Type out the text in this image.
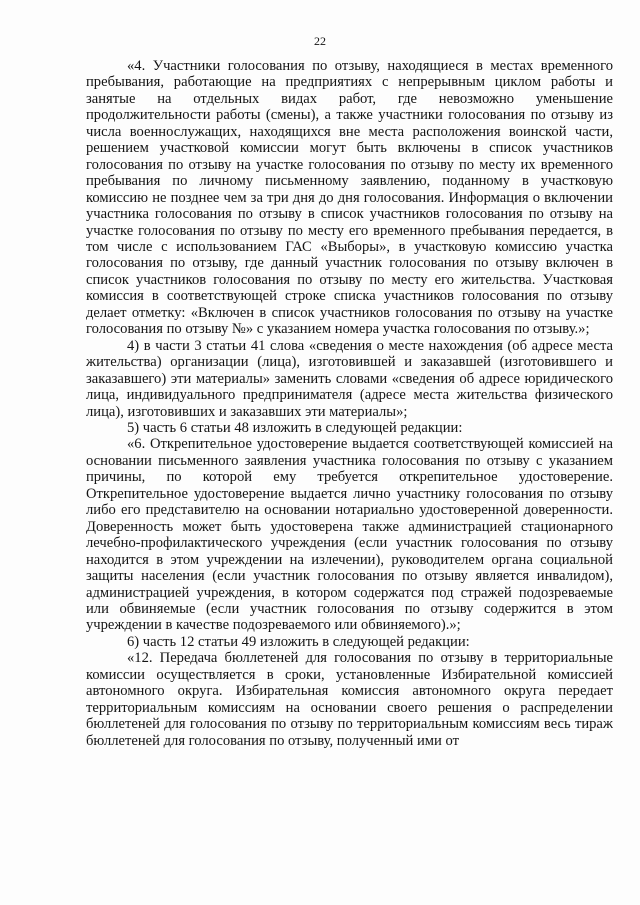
22

«4. Участники голосования по отзыву, находящиеся в местах временного пребывания, работающие на предприятиях с непрерывным циклом работы и занятые на отдельных видах работ, где невозможно уменьшение продолжительности работы (смены), а также участники голосования по отзыву из числа военнослужащих, находящихся вне места расположения воинской части, решением участковой комиссии могут быть включены в список участников голосования по отзыву на участке голосования по отзыву по месту их временного пребывания по личному письменному заявлению, поданному в участковую комиссию не позднее чем за три дня до дня голосования. Информация о включении участника голосования по отзыву в список участников голосования по отзыву на участке голосования по отзыву по месту его временного пребывания передается, в том числе с использованием ГАС «Выборы», в участковую комиссию участка голосования по отзыву, где данный участник голосования по отзыву включен в список участников голосования по отзыву по месту его жительства. Участковая комиссия в соответствующей строке списка участников голосования по отзыву делает отметку: «Включен в список участников голосования по отзыву на участке голосования по отзыву №» с указанием номера участка голосования по отзыву.»;

4) в части 3 статьи 41 слова «сведения о месте нахождения (об адресе места жительства) организации (лица), изготовившей и заказавшей (изготовившего и заказавшего) эти материалы» заменить словами «сведения об адресе юридического лица, индивидуального предпринимателя (адресе места жительства физического лица), изготовивших и заказавших эти материалы»;

5) часть 6 статьи 48 изложить в следующей редакции:

«6. Открепительное удостоверение выдается соответствующей комиссией на основании письменного заявления участника голосования по отзыву с указанием причины, по которой ему требуется открепительное удостоверение. Открепительное удостоверение выдается лично участнику голосования по отзыву либо его представителю на основании нотариально удостоверенной доверенности. Доверенность может быть удостоверена также администрацией стационарного лечебно-профилактического учреждения (если участник голосования по отзыву находится в этом учреждении на излечении), руководителем органа социальной защиты населения (если участник голосования по отзыву является инвалидом), администрацией учреждения, в котором содержатся под стражей подозреваемые или обвиняемые (если участник голосования по отзыву содержится в этом учреждении в качестве подозреваемого или обвиняемого).»;

6) часть 12 статьи 49 изложить в следующей редакции:

«12. Передача бюллетеней для голосования по отзыву в территориальные комиссии осуществляется в сроки, установленные Избирательной комиссией автономного округа. Избирательная комиссия автономного округа передает территориальным комиссиям на основании своего решения о распределении бюллетеней для голосования по отзыву по территориальным комиссиям весь тираж бюллетеней для голосования по отзыву, полученный ими от
